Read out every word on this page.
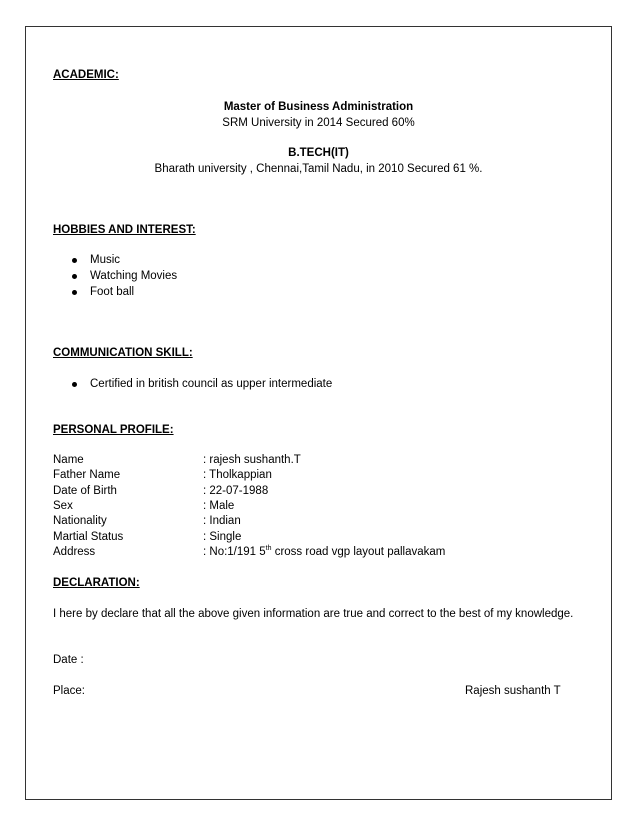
ACADEMIC:
Master of Business Administration
SRM University in 2014 Secured 60%
B.TECH(IT)
Bharath university , Chennai,Tamil Nadu, in 2010 Secured 61 %.
HOBBIES AND INTEREST:
Music
Watching Movies
Foot ball
COMMUNICATION SKILL:
Certified in british council as upper intermediate
PERSONAL PROFILE:
Name	: rajesh sushanth.T
Father Name	: Tholkappian
Date of Birth	: 22-07-1988
Sex	: Male
Nationality	: Indian
Martial Status	: Single
Address	: No:1/191 5th cross road vgp layout pallavakam
DECLARATION:
I here by declare that all the above given information are true and correct to the best of my knowledge.
Date :
Place:	Rajesh sushanth T
